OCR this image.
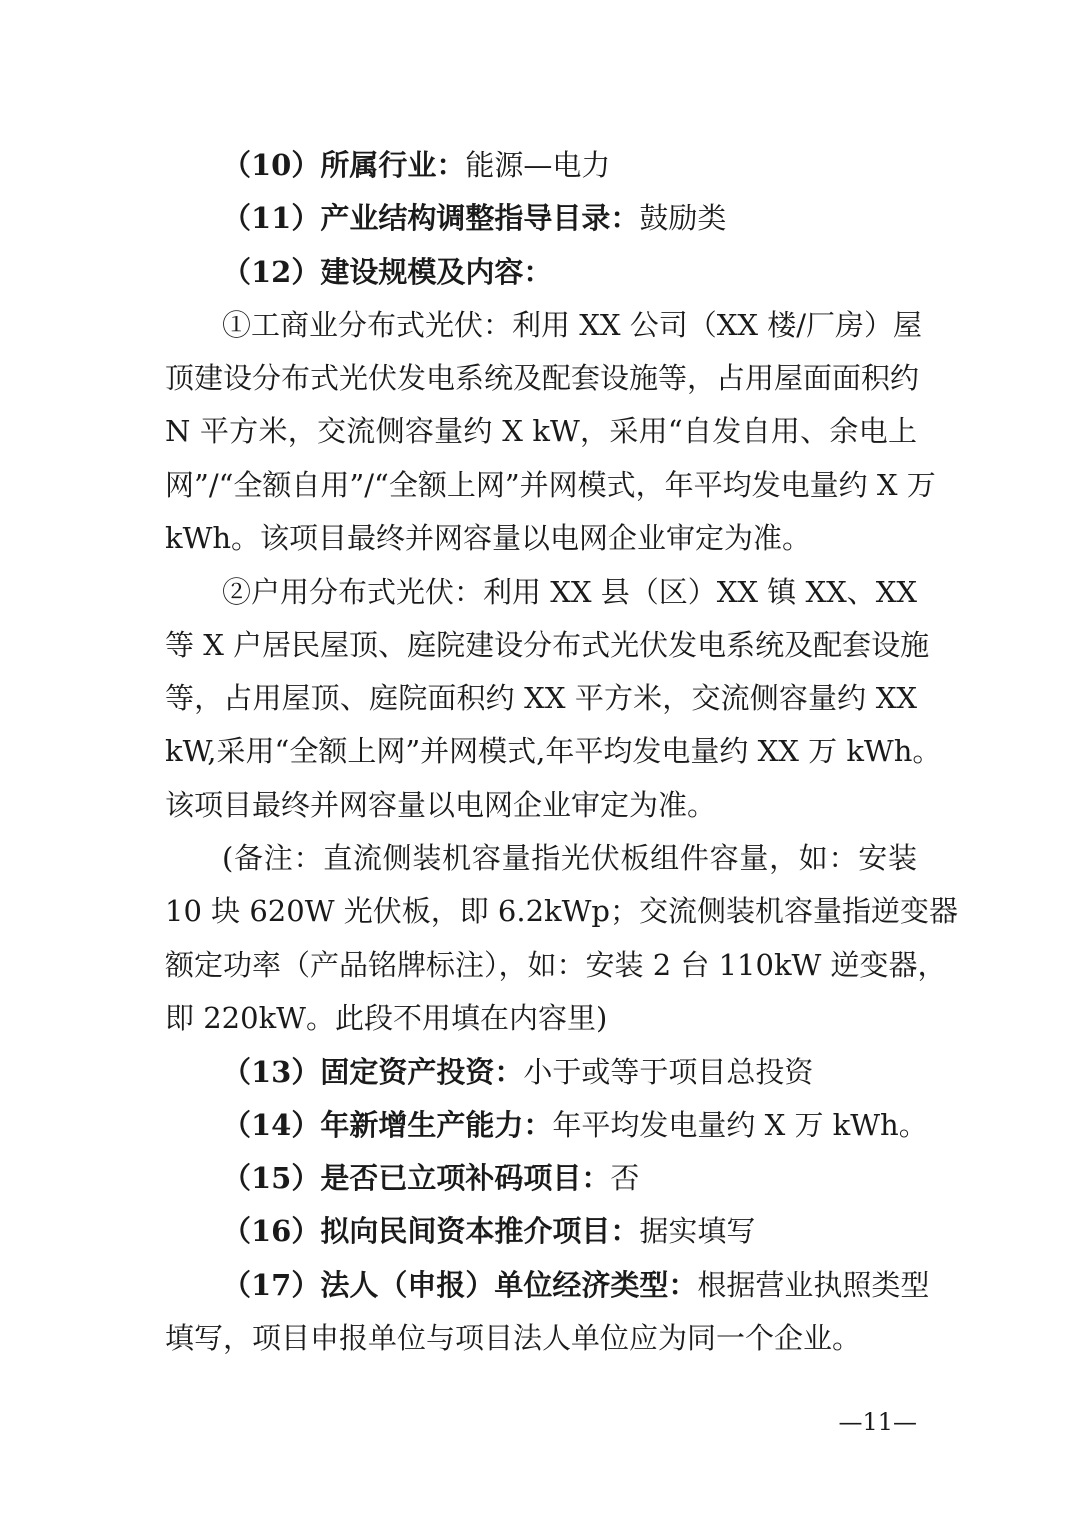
（10）所属行业：能源—电力
（11）产业结构调整指导目录：鼓励类
（12）建设规模及内容：
①工商业分布式光伏：利用 XX 公司（XX 楼/厂房）屋
顶建设分布式光伏发电系统及配套设施等，占用屋面面积约
N 平方米，交流侧容量约 X kW，采用“自发自用、余电上
网”/“全额自用”/“全额上网”并网模式，年平均发电量约 X 万
kWh。该项目最终并网容量以电网企业审定为准。
②户用分布式光伏：利用 XX 县（区）XX 镇 XX、XX
等 X 户居民屋顶、庭院建设分布式光伏发电系统及配套设施
等，占用屋顶、庭院面积约 XX 平方米，交流侧容量约 XX
kW,采用“全额上网”并网模式,年平均发电量约 XX 万 kWh。
该项目最终并网容量以电网企业审定为准。
(备注：直流侧装机容量指光伏板组件容量，如：安装
10 块 620W 光伏板，即 6.2kWp；交流侧装机容量指逆变器
额定功率（产品铭牌标注），如：安装 2 台 110kW 逆变器，
即 220kW。此段不用填在内容里)
（13）固定资产投资：小于或等于项目总投资
（14）年新增生产能力：年平均发电量约 X 万 kWh。
（15）是否已立项补码项目：否
（16）拟向民间资本推介项目：据实填写
（17）法人（申报）单位经济类型：根据营业执照类型
填写，项目申报单位与项目法人单位应为同一个企业。
—11—
